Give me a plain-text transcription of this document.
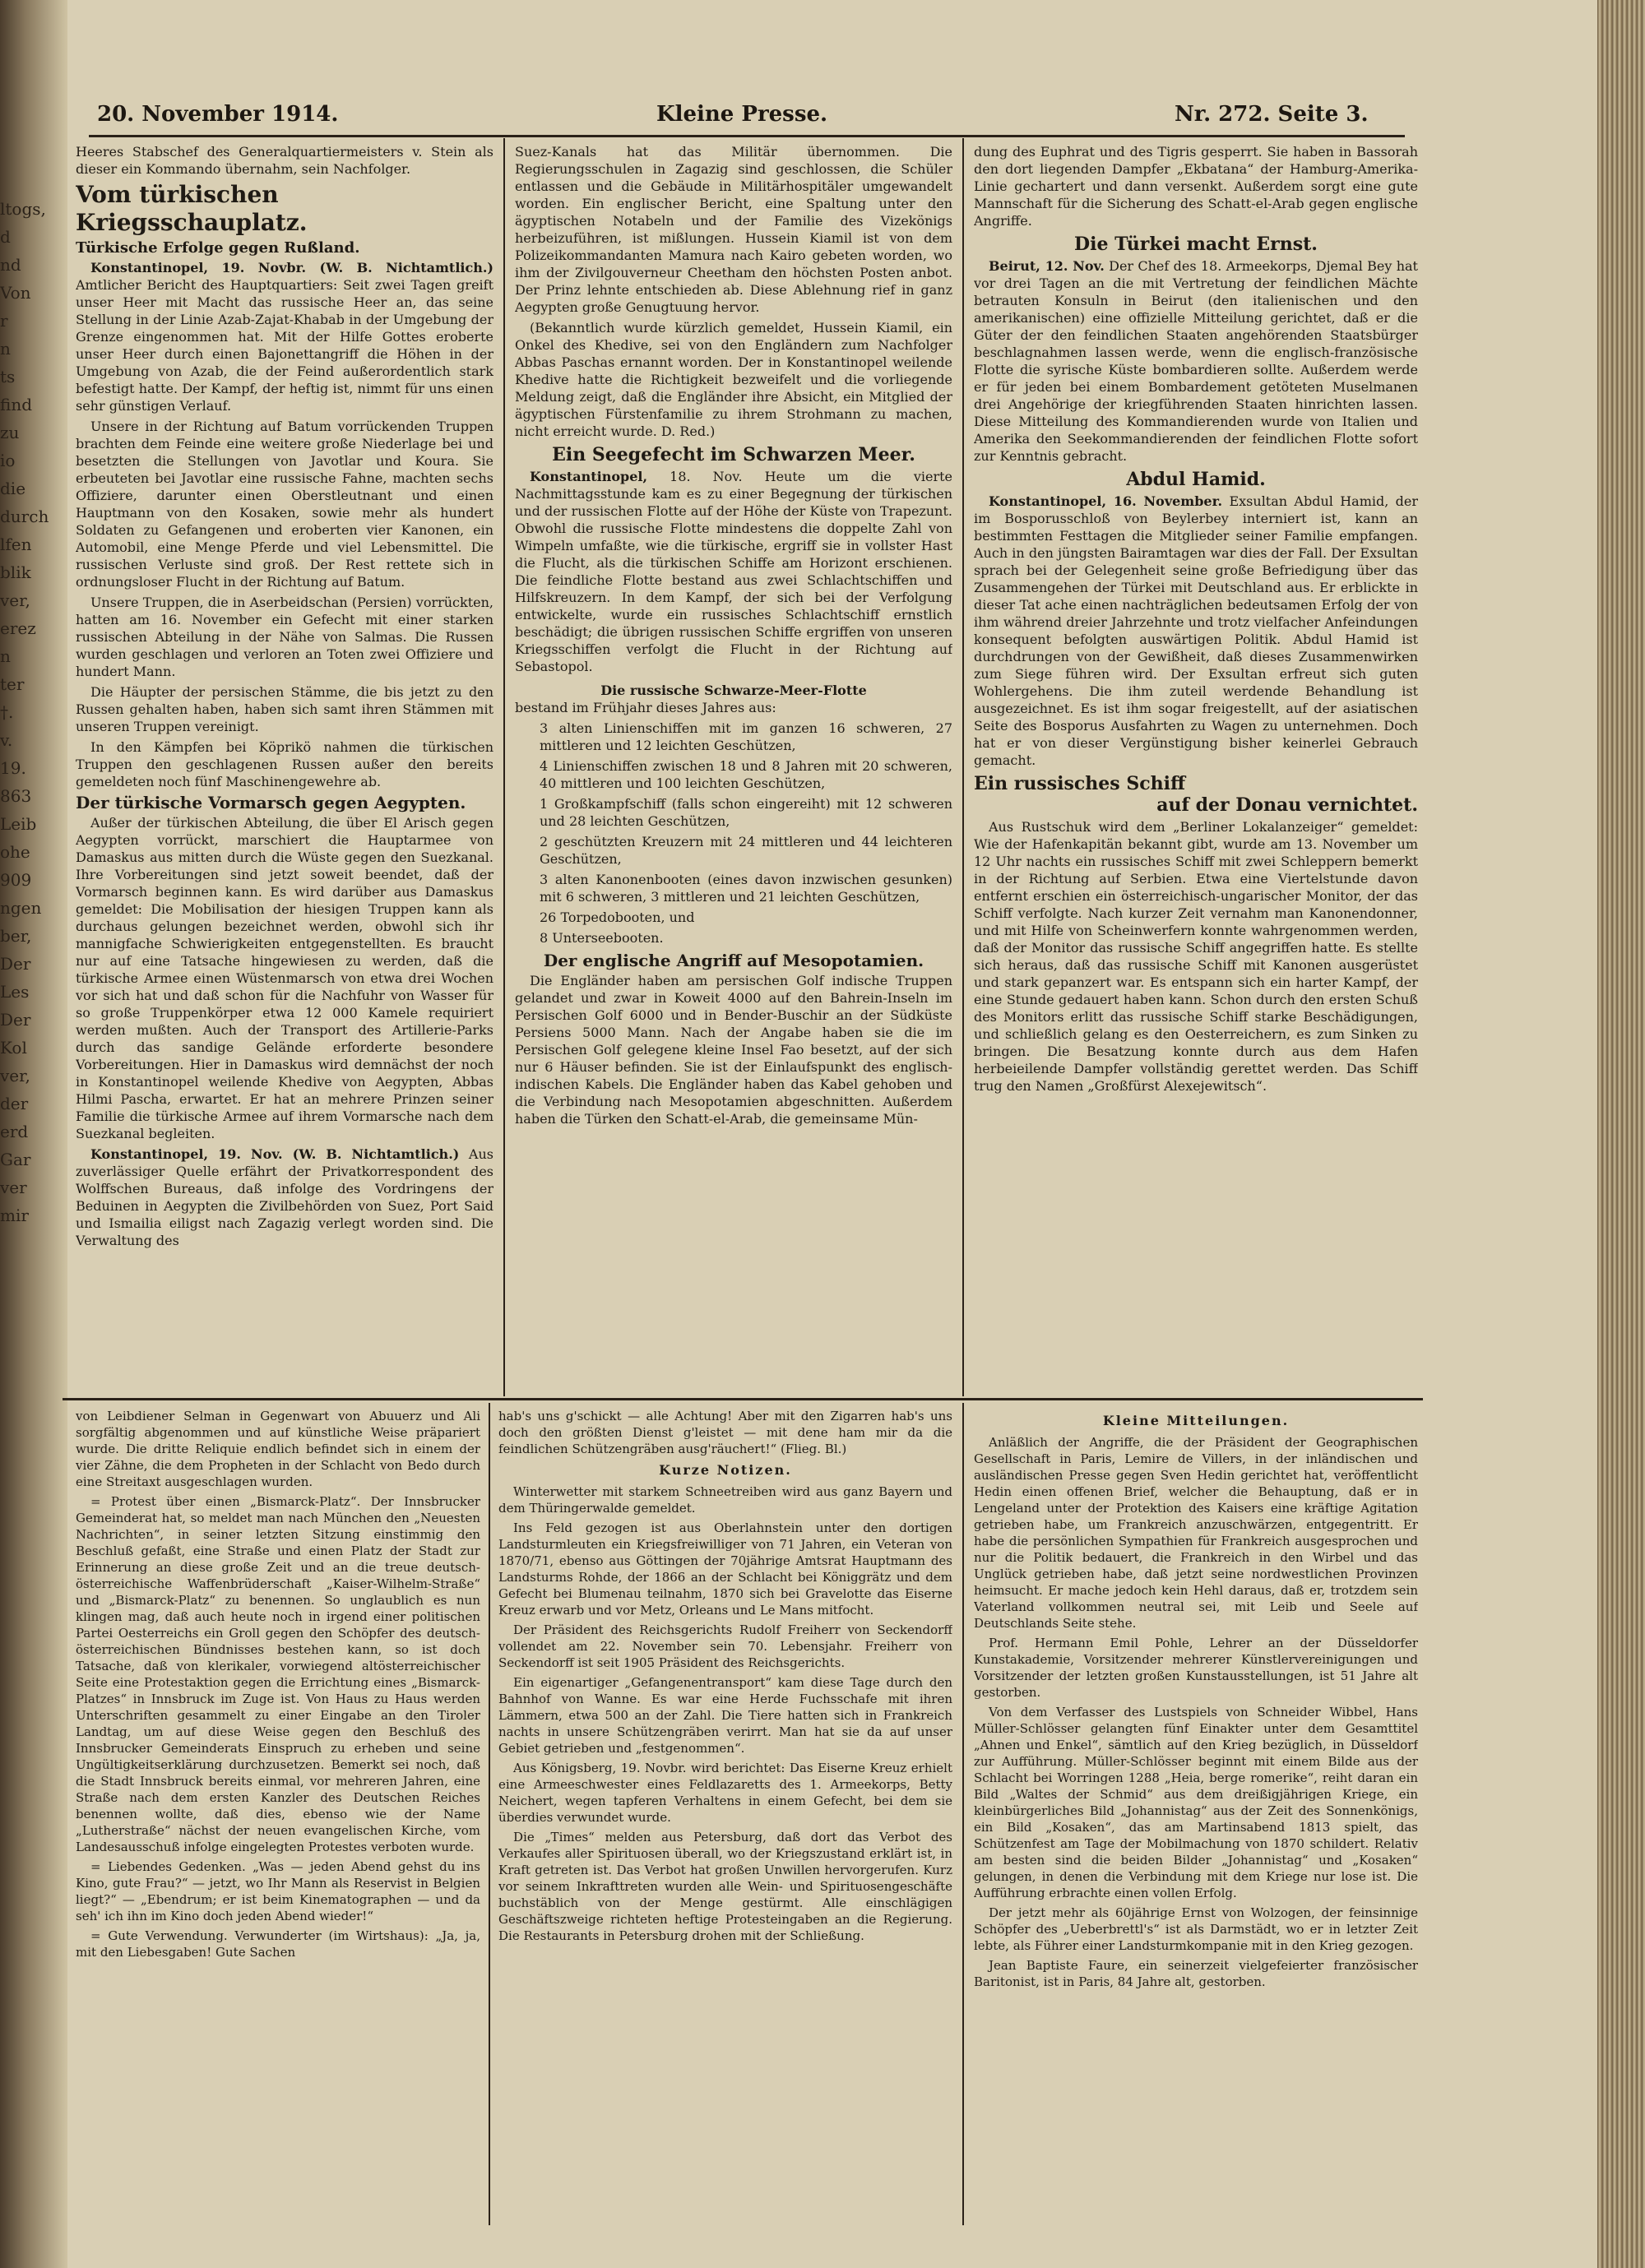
ltogs,
d
nd
Von
r
n
ts
find
zu
io
die
durch
lfen
blik
ver,
erez
n
ter
†.
v.
19.
863
Leib
ohe
909
ngen
ber,
Der
Les
Der
Kol
ver,
der
erd
Gar
ver
mir
20. November 1914.	Kleine Presse.	Nr. 272. Seite 3.

Heeres Stabschef des Generalquartiermeisters v. Stein als dieser ein Kommando übernahm, sein Nachfolger.

Vom türkischen Kriegsschauplatz.
Türkische Erfolge gegen Rußland.

Konstantinopel, 19. Novbr. (W. B. Nichtamtlich.) Amtlicher Bericht des Hauptquartiers: Seit zwei Tagen greift unser Heer mit Macht das russische Heer an, das seine Stellung in der Linie Azab-Zajat-Khabab in der Umgebung der Grenze eingenommen hat. Mit der Hilfe Gottes eroberte unser Heer durch einen Bajonettangriff die Höhen in der Umgebung von Azab, die der Feind außerordentlich stark befestigt hatte. Der Kampf, der heftig ist, nimmt für uns einen sehr günstigen Verlauf.

Unsere in der Richtung auf Batum vorrückenden Truppen brachten dem Feinde eine weitere große Niederlage bei und besetzten die Stellungen von Javotlar und Koura. Sie erbeuteten bei Javotlar eine russische Fahne, machten sechs Offiziere, darunter einen Oberstleutnant und einen Hauptmann von den Kosaken, sowie mehr als hundert Soldaten zu Gefangenen und eroberten vier Kanonen, ein Automobil, eine Menge Pferde und viel Lebensmittel. Die russischen Verluste sind groß. Der Rest rettete sich in ordnungsloser Flucht in der Richtung auf Batum.

Unsere Truppen, die in Aserbeidschan (Persien) vorrückten, hatten am 16. November ein Gefecht mit einer starken russischen Abteilung in der Nähe von Salmas. Die Russen wurden geschlagen und verloren an Toten zwei Offiziere und hundert Mann.

Die Häupter der persischen Stämme, die bis jetzt zu den Russen gehalten haben, haben sich samt ihren Stämmen mit unseren Truppen vereinigt.

In den Kämpfen bei Köprikö nahmen die türkischen Truppen den geschlagenen Russen außer den bereits gemeldeten noch fünf Maschinengewehre ab.

Der türkische Vormarsch gegen Aegypten.

Außer der türkischen Abteilung, die über El Arisch gegen Aegypten vorrückt, marschiert die Hauptarmee von Damaskus aus mitten durch die Wüste gegen den Suezkanal. Ihre Vorbereitungen sind jetzt soweit beendet, daß der Vormarsch beginnen kann. Es wird darüber aus Damaskus gemeldet: Die Mobilisation der hiesigen Truppen kann als durchaus gelungen bezeichnet werden, obwohl sich ihr mannigfache Schwierigkeiten entgegenstellten. Es braucht nur auf eine Tatsache hingewiesen zu werden, daß die türkische Armee einen Wüstenmarsch von etwa drei Wochen vor sich hat und daß schon für die Nachfuhr von Wasser für so große Truppenkörper etwa 12 000 Kamele requiriert werden mußten. Auch der Transport des Artillerie-Parks durch das sandige Gelände erforderte besondere Vorbereitungen. Hier in Damaskus wird demnächst der noch in Konstantinopel weilende Khedive von Aegypten, Abbas Hilmi Pascha, erwartet. Er hat an mehrere Prinzen seiner Familie die türkische Armee auf ihrem Vormarsche nach dem Suezkanal begleiten.

Konstantinopel, 19. Nov. (W. B. Nichtamtlich.) Aus zuverlässiger Quelle erfährt der Privatkorrespondent des Wolffschen Bureaus, daß infolge des Vordringens der Beduinen in Aegypten die Zivilbehörden von Suez, Port Said und Ismailia eiligst nach Zagazig verlegt worden sind. Die Verwaltung des

Suez-Kanals hat das Militär übernommen. Die Regierungsschulen in Zagazig sind geschlossen, die Schüler entlassen und die Gebäude in Militärhospitäler umgewandelt worden. Ein englischer Bericht, eine Spaltung unter den ägyptischen Notabeln und der Familie des Vizekönigs herbeizuführen, ist mißlungen. Hussein Kiamil ist von dem Polizeikommandanten Mamura nach Kairo gebeten worden, wo ihm der Zivilgouverneur Cheetham den höchsten Posten anbot. Der Prinz lehnte entschieden ab. Diese Ablehnung rief in ganz Aegypten große Genugtuung hervor.

(Bekanntlich wurde kürzlich gemeldet, Hussein Kiamil, ein Onkel des Khedive, sei von den Engländern zum Nachfolger Abbas Paschas ernannt worden. Der in Konstantinopel weilende Khedive hatte die Richtigkeit bezweifelt und die vorliegende Meldung zeigt, daß die Engländer ihre Absicht, ein Mitglied der ägyptischen Fürstenfamilie zu ihrem Strohmann zu machen, nicht erreicht wurde. D. Red.)

Ein Seegefecht im Schwarzen Meer.

Konstantinopel, 18. Nov. Heute um die vierte Nachmittagsstunde kam es zu einer Begegnung der türkischen und der russischen Flotte auf der Höhe der Küste von Trapezunt. Obwohl die russische Flotte mindestens die doppelte Zahl von Wimpeln umfaßte, wie die türkische, ergriff sie in vollster Hast die Flucht, als die türkischen Schiffe am Horizont erschienen. Die feindliche Flotte bestand aus zwei Schlachtschiffen und Hilfskreuzern. In dem Kampf, der sich bei der Verfolgung entwickelte, wurde ein russisches Schlachtschiff ernstlich beschädigt; die übrigen russischen Schiffe ergriffen von unseren Kriegsschiffen verfolgt die Flucht in der Richtung auf Sebastopol.

Die russische Schwarze-Meer-Flotte

bestand im Frühjahr dieses Jahres aus:

3 alten Linienschiffen mit im ganzen 16 schweren, 27 mittleren und 12 leichten Geschützen,
4 Linienschiffen zwischen 18 und 8 Jahren mit 20 schweren, 40 mittleren und 100 leichten Geschützen,
1 Großkampfschiff (falls schon eingereiht) mit 12 schweren und 28 leichten Geschützen,
2 geschützten Kreuzern mit 24 mittleren und 44 leichteren Geschützen,
3 alten Kanonenbooten (eines davon inzwischen gesunken) mit 6 schweren, 3 mittleren und 21 leichten Geschützen,
26 Torpedobooten, und
8 Unterseebooten.
Der englische Angriff auf Mesopotamien.

Die Engländer haben am persischen Golf indische Truppen gelandet und zwar in Koweit 4000 auf den Bahrein-Inseln im Persischen Golf 6000 und in Bender-Buschir an der Südküste Persiens 5000 Mann. Nach der Angabe haben sie die im Persischen Golf gelegene kleine Insel Fao besetzt, auf der sich nur 6 Häuser befinden. Sie ist der Einlaufspunkt des englisch-indischen Kabels. Die Engländer haben das Kabel gehoben und die Verbindung nach Mesopotamien abgeschnitten. Außerdem haben die Türken den Schatt-el-Arab, die gemeinsame Mün-

dung des Euphrat und des Tigris gesperrt. Sie haben in Bassorah den dort liegenden Dampfer „Ekbatana“ der Hamburg-Amerika-Linie gechartert und dann versenkt. Außerdem sorgt eine gute Mannschaft für die Sicherung des Schatt-el-Arab gegen englische Angriffe.

Die Türkei macht Ernst.

Beirut, 12. Nov. Der Chef des 18. Armeekorps, Djemal Bey hat vor drei Tagen an die mit Vertretung der feindlichen Mächte betrauten Konsuln in Beirut (den italienischen und den amerikanischen) eine offizielle Mitteilung gerichtet, daß er die Güter der den feindlichen Staaten angehörenden Staatsbürger beschlagnahmen lassen werde, wenn die englisch-französische Flotte die syrische Küste bombardieren sollte. Außerdem werde er für jeden bei einem Bombardement getöteten Muselmanen drei Angehörige der kriegführenden Staaten hinrichten lassen. Diese Mitteilung des Kommandierenden wurde von Italien und Amerika den Seekommandierenden der feindlichen Flotte sofort zur Kenntnis gebracht.

Abdul Hamid.

Konstantinopel, 16. November. Exsultan Abdul Hamid, der im Bosporusschloß von Beylerbey interniert ist, kann an bestimmten Festtagen die Mitglieder seiner Familie empfangen. Auch in den jüngsten Bairamtagen war dies der Fall. Der Exsultan sprach bei der Gelegenheit seine große Befriedigung über das Zusammengehen der Türkei mit Deutschland aus. Er erblickte in dieser Tat ache einen nachträglichen bedeutsamen Erfolg der von ihm während dreier Jahrzehnte und trotz vielfacher Anfeindungen konsequent befolgten auswärtigen Politik. Abdul Hamid ist durchdrungen von der Gewißheit, daß dieses Zusammenwirken zum Siege führen wird. Der Exsultan erfreut sich guten Wohlergehens. Die ihm zuteil werdende Behandlung ist ausgezeichnet. Es ist ihm sogar freigestellt, auf der asiatischen Seite des Bosporus Ausfahrten zu Wagen zu unternehmen. Doch hat er von dieser Vergünstigung bisher keinerlei Gebrauch gemacht.

Ein russisches Schiff
auf der Donau vernichtet.

Aus Rustschuk wird dem „Berliner Lokalanzeiger“ gemeldet: Wie der Hafenkapitän bekannt gibt, wurde am 13. November um 12 Uhr nachts ein russisches Schiff mit zwei Schleppern bemerkt in der Richtung auf Serbien. Etwa eine Viertelstunde davon entfernt erschien ein österreichisch-ungarischer Monitor, der das Schiff verfolgte. Nach kurzer Zeit vernahm man Kanonendonner, und mit Hilfe von Scheinwerfern konnte wahrgenommen werden, daß der Monitor das russische Schiff angegriffen hatte. Es stellte sich heraus, daß das russische Schiff mit Kanonen ausgerüstet und stark gepanzert war. Es entspann sich ein harter Kampf, der eine Stunde gedauert haben kann. Schon durch den ersten Schuß des Monitors erlitt das russische Schiff starke Beschädigungen, und schließlich gelang es den Oesterreichern, es zum Sinken zu bringen. Die Besatzung konnte durch aus dem Hafen herbeieilende Dampfer vollständig gerettet werden. Das Schiff trug den Namen „Großfürst Alexejewitsch“.

von Leibdiener Selman in Gegenwart von Abuuerz und Ali sorgfältig abgenommen und auf künstliche Weise präpariert wurde. Die dritte Reliquie endlich befindet sich in einem der vier Zähne, die dem Propheten in der Schlacht von Bedo durch eine Streitaxt ausgeschlagen wurden.

= Protest über einen „Bismarck-Platz“. Der Innsbrucker Gemeinderat hat, so meldet man nach München den „Neuesten Nachrichten“, in seiner letzten Sitzung einstimmig den Beschluß gefaßt, eine Straße und einen Platz der Stadt zur Erinnerung an diese große Zeit und an die treue deutsch-österreichische Waffenbrüderschaft „Kaiser-Wilhelm-Straße“ und „Bismarck-Platz“ zu benennen. So unglaublich es nun klingen mag, daß auch heute noch in irgend einer politischen Partei Oesterreichs ein Groll gegen den Schöpfer des deutsch-österreichischen Bündnisses bestehen kann, so ist doch Tatsache, daß von klerikaler, vorwiegend altösterreichischer Seite eine Protestaktion gegen die Errichtung eines „Bismarck-Platzes“ in Innsbruck im Zuge ist. Von Haus zu Haus werden Unterschriften gesammelt zu einer Eingabe an den Tiroler Landtag, um auf diese Weise gegen den Beschluß des Innsbrucker Gemeinderats Einspruch zu erheben und seine Ungültigkeitserklärung durchzusetzen. Bemerkt sei noch, daß die Stadt Innsbruck bereits einmal, vor mehreren Jahren, eine Straße nach dem ersten Kanzler des Deutschen Reiches benennen wollte, daß dies, ebenso wie der Name „Lutherstraße“ nächst der neuen evangelischen Kirche, vom Landesausschuß infolge eingelegten Protestes verboten wurde.

= Liebendes Gedenken. „Was — jeden Abend gehst du ins Kino, gute Frau?“ — jetzt, wo Ihr Mann als Reservist in Belgien liegt?“ — „Ebendrum; er ist beim Kinematographen — und da seh' ich ihn im Kino doch jeden Abend wieder!“

= Gute Verwendung. Verwunderter (im Wirtshaus): „Ja, ja, mit den Liebesgaben! Gute Sachen

hab's uns g'schickt — alle Achtung! Aber mit den Zigarren hab's uns doch den größten Dienst g'leistet — mit dene ham mir da die feindlichen Schützengräben ausg'räuchert!“ (Flieg. Bl.)

Kurze Notizen.

Winterwetter mit starkem Schneetreiben wird aus ganz Bayern und dem Thüringerwalde gemeldet.

Ins Feld gezogen ist aus Oberlahnstein unter den dortigen Landsturmleuten ein Kriegsfreiwilliger von 71 Jahren, ein Veteran von 1870/71, ebenso aus Göttingen der 70jährige Amtsrat Hauptmann des Landsturms Rohde, der 1866 an der Schlacht bei Königgrätz und dem Gefecht bei Blumenau teilnahm, 1870 sich bei Gravelotte das Eiserne Kreuz erwarb und vor Metz, Orleans und Le Mans mitfocht.

Der Präsident des Reichsgerichts Rudolf Freiherr von Seckendorff vollendet am 22. November sein 70. Lebensjahr. Freiherr von Seckendorff ist seit 1905 Präsident des Reichsgerichts.

Ein eigenartiger „Gefangenentransport“ kam diese Tage durch den Bahnhof von Wanne. Es war eine Herde Fuchsschafe mit ihren Lämmern, etwa 500 an der Zahl. Die Tiere hatten sich in Frankreich nachts in unsere Schützengräben verirrt. Man hat sie da auf unser Gebiet getrieben und „festgenommen“.

Aus Königsberg, 19. Novbr. wird berichtet: Das Eiserne Kreuz erhielt eine Armeeschwester eines Feldlazaretts des 1. Armeekorps, Betty Neichert, wegen tapferen Verhaltens in einem Gefecht, bei dem sie überdies verwundet wurde.

Die „Times“ melden aus Petersburg, daß dort das Verbot des Verkaufes aller Spirituosen überall, wo der Kriegszustand erklärt ist, in Kraft getreten ist. Das Verbot hat großen Unwillen hervorgerufen. Kurz vor seinem Inkrafttreten wurden alle Wein- und Spirituosengeschäfte buchstäblich von der Menge gestürmt. Alle einschlägigen Geschäftszweige richteten heftige Protesteingaben an die Regierung. Die Restaurants in Petersburg drohen mit der Schließung.

Kleine Mitteilungen.

Anläßlich der Angriffe, die der Präsident der Geographischen Gesellschaft in Paris, Lemire de Villers, in der inländischen und ausländischen Presse gegen Sven Hedin gerichtet hat, veröffentlicht Hedin einen offenen Brief, welcher die Behauptung, daß er in Lengeland unter der Protektion des Kaisers eine kräftige Agitation getrieben habe, um Frankreich anzuschwärzen, entgegentritt. Er habe die persönlichen Sympathien für Frankreich ausgesprochen und nur die Politik bedauert, die Frankreich in den Wirbel und das Unglück getrieben habe, daß jetzt seine nordwestlichen Provinzen heimsucht. Er mache jedoch kein Hehl daraus, daß er, trotzdem sein Vaterland vollkommen neutral sei, mit Leib und Seele auf Deutschlands Seite stehe.

Prof. Hermann Emil Pohle, Lehrer an der Düsseldorfer Kunstakademie, Vorsitzender mehrerer Künstlervereinigungen und Vorsitzender der letzten großen Kunstausstellungen, ist 51 Jahre alt gestorben.

Von dem Verfasser des Lustspiels von Schneider Wibbel, Hans Müller-Schlösser gelangten fünf Einakter unter dem Gesamttitel „Ahnen und Enkel“, sämtlich auf den Krieg bezüglich, in Düsseldorf zur Aufführung. Müller-Schlösser beginnt mit einem Bilde aus der Schlacht bei Worringen 1288 „Heia, berge romerike“, reiht daran ein Bild „Waltes der Schmid“ aus dem dreißigjährigen Kriege, ein kleinbürgerliches Bild „Johannistag“ aus der Zeit des Sonnenkönigs, ein Bild „Kosaken“, das am Martinsabend 1813 spielt, das Schützenfest am Tage der Mobilmachung von 1870 schildert. Relativ am besten sind die beiden Bilder „Johannistag“ und „Kosaken“ gelungen, in denen die Verbindung mit dem Kriege nur lose ist. Die Aufführung erbrachte einen vollen Erfolg.

Der jetzt mehr als 60jährige Ernst von Wolzogen, der feinsinnige Schöpfer des „Ueberbrettl's“ ist als Darmstädt, wo er in letzter Zeit lebte, als Führer einer Landsturmkompanie mit in den Krieg gezogen.

Jean Baptiste Faure, ein seinerzeit vielgefeierter französischer Baritonist, ist in Paris, 84 Jahre alt, gestorben.
